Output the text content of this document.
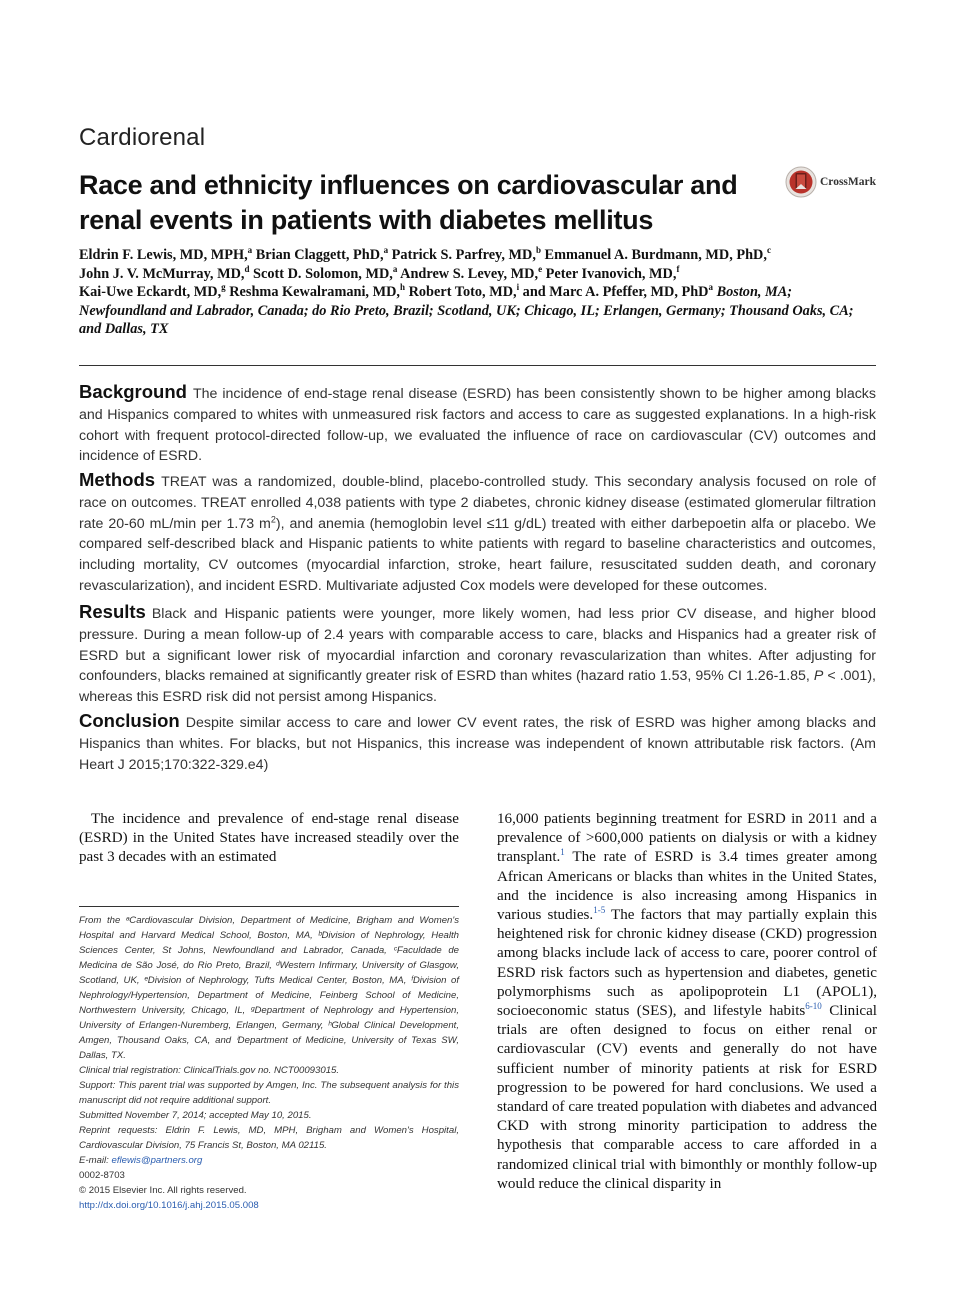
Cardiorenal
Race and ethnicity influences on cardiovascular and renal events in patients with diabetes mellitus
CrossMark
Eldrin F. Lewis, MD, MPH,$^a$ Brian Claggett, PhD,$^a$ Patrick S. Parfrey, MD,$^b$ Emmanuel A. Burdmann, MD, PhD,$^c$
John J. V. McMurray, MD,$^d$ Scott D. Solomon, MD,$^a$ Andrew S. Levey, MD,$^e$ Peter Ivanovich, MD,$^f$
Kai-Uwe Eckardt, MD,$^g$ Reshma Kewalramani, MD,$^h$ Robert Toto, MD,$^i$ and Marc A. Pfeffer, MD, PhD$^a$ Boston, MA; Newfoundland and Labrador, Canada; do Rio Preto, Brazil; Scotland, UK; Chicago, IL; Erlangen, Germany; Thousand Oaks, CA; and Dallas, TX
Background The incidence of end-stage renal disease (ESRD) has been consistently shown to be higher among blacks and Hispanics compared to whites with unmeasured risk factors and access to care as suggested explanations. In a high-risk cohort with frequent protocol-directed follow-up, we evaluated the influence of race on cardiovascular (CV) outcomes and incidence of ESRD.
Methods TREAT was a randomized, double-blind, placebo-controlled study. This secondary analysis focused on role of race on outcomes. TREAT enrolled 4,038 patients with type 2 diabetes, chronic kidney disease (estimated glomerular filtration rate 20-60 mL/min per 1.73 $m^2$), and anemia (hemoglobin level ≤11 g/dL) treated with either darbepoetin alfa or placebo. We compared self-described black and Hispanic patients to white patients with regard to baseline characteristics and outcomes, including mortality, CV outcomes (myocardial infarction, stroke, heart failure, resuscitated sudden death, and coronary revascularization), and incident ESRD. Multivariate adjusted Cox models were developed for these outcomes.
Results Black and Hispanic patients were younger, more likely women, had less prior CV disease, and higher blood pressure. During a mean follow-up of 2.4 years with comparable access to care, blacks and Hispanics had a greater risk of ESRD but a significant lower risk of myocardial infarction and coronary revascularization than whites. After adjusting for confounders, blacks remained at significantly greater risk of ESRD than whites (hazard ratio 1.53, 95% CI 1.26-1.85, P < .001), whereas this ESRD risk did not persist among Hispanics.
Conclusion Despite similar access to care and lower CV event rates, the risk of ESRD was higher among blacks and Hispanics than whites. For blacks, but not Hispanics, this increase was independent of known attributable risk factors. (Am Heart J 2015;170:322-329.e4)
The incidence and prevalence of end-stage renal disease (ESRD) in the United States have increased steadily over the past 3 decades with an estimated
16,000 patients beginning treatment for ESRD in 2011 and a prevalence of >600,000 patients on dialysis or with a kidney transplant.$^1$ The rate of ESRD is 3.4 times greater among African Americans or blacks than whites in the United States, and the incidence is also increasing among Hispanics in various studies.$^{1-5}$ The factors that may partially explain this heightened risk for chronic kidney disease (CKD) progression among blacks include lack of access to care, poorer control of ESRD risk factors such as hypertension and diabetes, genetic polymorphisms such as apolipoprotein L1 (APOL1), socioeconomic status (SES), and lifestyle habits$^{6-10}$ Clinical trials are often designed to focus on either renal or cardiovascular (CV) events and generally do not have sufficient number of minority patients at risk for ESRD progression to be powered for hard conclusions. We used a standard of care treated population with diabetes and advanced CKD with strong minority participation to address the hypothesis that comparable access to care afforded in a randomized clinical trial with bimonthly or monthly follow-up would reduce the clinical disparity in

From the ᵃCardiovascular Division, Department of Medicine, Brigham and Women's Hospital and Harvard Medical School, Boston, MA, ᵇDivision of Nephrology, Health Sciences Center, St Johns, Newfoundland and Labrador, Canada, ᶜFaculdade de Medicina de São José, do Rio Preto, Brazil, ᵈWestern Infirmary, University of Glasgow, Scotland, UK, ᵉDivision of Nephrology, Tufts Medical Center, Boston, MA, ᶠDivision of Nephrology/Hypertension, Department of Medicine, Feinberg School of Medicine, Northwestern University, Chicago, IL, ᵍDepartment of Nephrology and Hypertension, University of Erlangen-Nuremberg, Erlangen, Germany, ʰGlobal Clinical Development, Amgen, Thousand Oaks, CA, and ⁱDepartment of Medicine, University of Texas SW, Dallas, TX.

Clinical trial registration: ClinicalTrials.gov no. NCT00093015.

Support: This parent trial was supported by Amgen, Inc. The subsequent analysis for this manuscript did not require additional support.

Submitted November 7, 2014; accepted May 10, 2015.

Reprint requests: Eldrin F. Lewis, MD, MPH, Brigham and Women's Hospital, Cardiovascular Division, 75 Francis St, Boston, MA 02115.

E-mail: eflewis@partners.org

0002-8703

© 2015 Elsevier Inc. All rights reserved.

http://dx.doi.org/10.1016/j.ahj.2015.05.008
